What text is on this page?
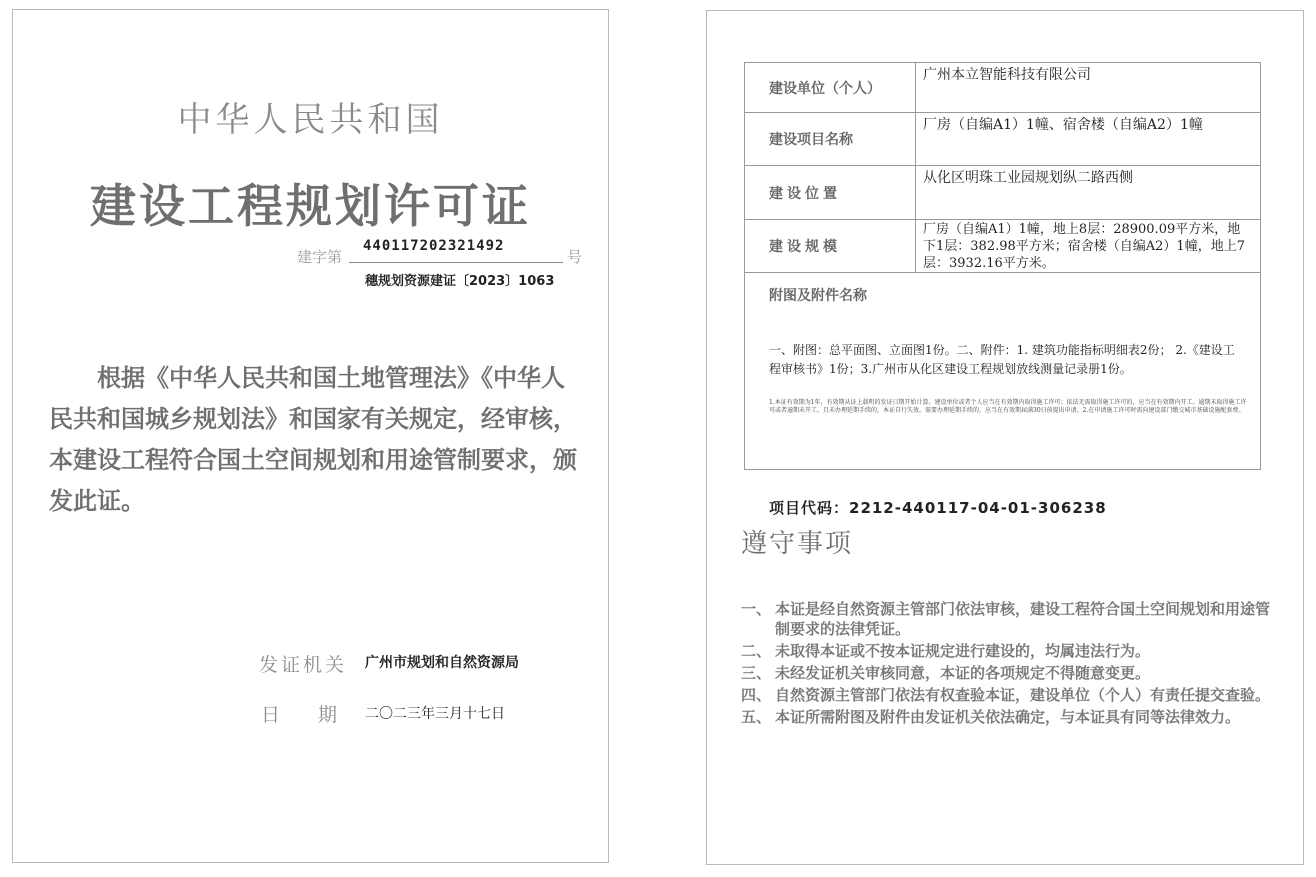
中华人民共和国
建设工程规划许可证
建字第
440117202321492
号
穗规划资源建证〔2023〕1063

根据《中华人民共和国土地管理法》《中华人民共和国城乡规划法》和国家有关规定，经审核，本建设工程符合国土空间规划和用途管制要求，颁发此证。

发证机关 广州市规划和自然资源局
日 期 二〇二三年三月十七日
建设单位（个人）
广州本立智能科技有限公司
建设项目名称
厂房（自编A1）1幢、宿舍楼（自编A2）1幢
建设位置
从化区明珠工业园规划纵二路西侧
建设规模
厂房（自编A1）1幢，地上8层：28900.09平方米，地下1层：382.98平方米；宿舍楼（自编A2）1幢，地上7层：3932.16平方米。
附图及附件名称

一、附图：总平面图、立面图1份。二、附件：1. 建筑功能指标明细表2份； 2.《建设工程审核书》1份；3.广州市从化区建设工程规划放线测量记录册1份。

1.本证有效期为1年，有效期从证上载明的发证日期开始计算。建设单位或者个人应当在有效期内取得施工许可；依法无需取得施工许可的，应当在有效期内开工。逾期未取得施工许可或者逾期未开工，且未办理延期手续的，本证自行失效。需要办理延期手续的，应当在有效期届满30日前提出申请。2.在申请施工许可时需向建设部门缴交城市基础设施配套费。

项目代码：2212-440117-04-01-306238
遵守事项
一、 本证是经自然资源主管部门依法审核，建设工程符合国土空间规划和用途管制要求的法律凭证。
二、 未取得本证或不按本证规定进行建设的，均属违法行为。
三、 未经发证机关审核同意，本证的各项规定不得随意变更。
四、 自然资源主管部门依法有权查验本证，建设单位（个人）有责任提交查验。
五、 本证所需附图及附件由发证机关依法确定，与本证具有同等法律效力。
